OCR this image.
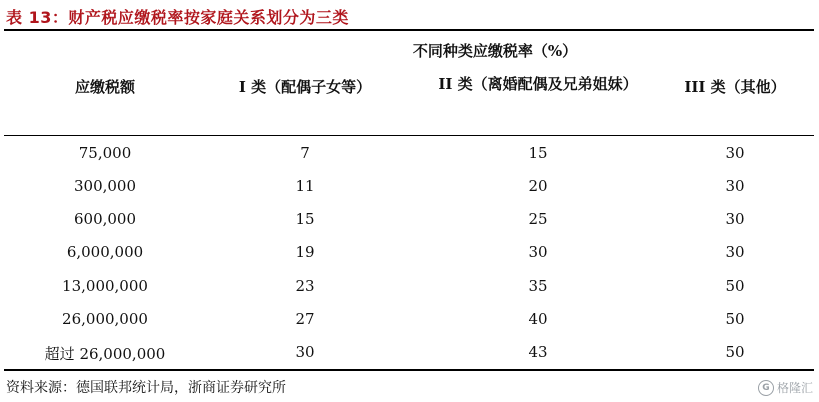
表 13：财产税应缴税率按家庭关系划分为三类
不同种类应缴税率（%）
应缴税额	I 类（配偶子女等）	II 类（离婚配偶及兄弟姐妹）	III 类（其他）
75,000	7	15	30
300,000	11	20	30
600,000	15	25	30
6,000,000	19	30	30
13,000,000	23	35	50
26,000,000	27	40	50
超过 26,000,000	30	43	50
资料来源：德国联邦统计局，浙商证券研究所	G 格隆汇
